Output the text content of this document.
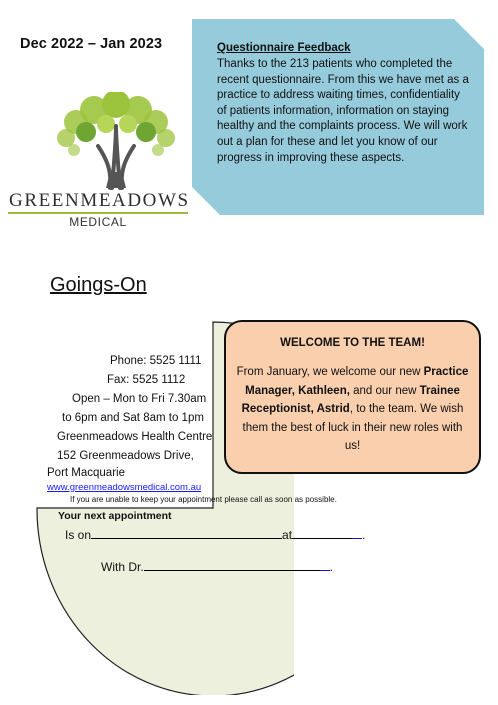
Dec 2022 – Jan 2023
GREENMEADOWS
MEDICAL
Questionnaire Feedback
Thanks to the 213 patients who completed the recent questionnaire. From this we have met as a practice to address waiting times, confidentiality of patients information, information on staying healthy and the complaints process. We will work out a plan for these and let you know of our progress in improving these aspects.
Goings-On
Phone: 5525 1111
Fax: 5525 1112
Open – Mon to Fri 7.30am
to 6pm and Sat 8am to 1pm
Greenmeadows Health Centre
152 Greenmeadows Drive,
Port Macquarie
www.greenmeadowsmedical.com.au
If you are unable to keep your appointment please call as soon as possible.
Your next appointment
Is on	at	.
With Dr.	.
WELCOME TO THE TEAM!
From January, we welcome our new Practice Manager, Kathleen, and our new Trainee Receptionist, Astrid, to the team. We wish them the best of luck in their new roles with us!
